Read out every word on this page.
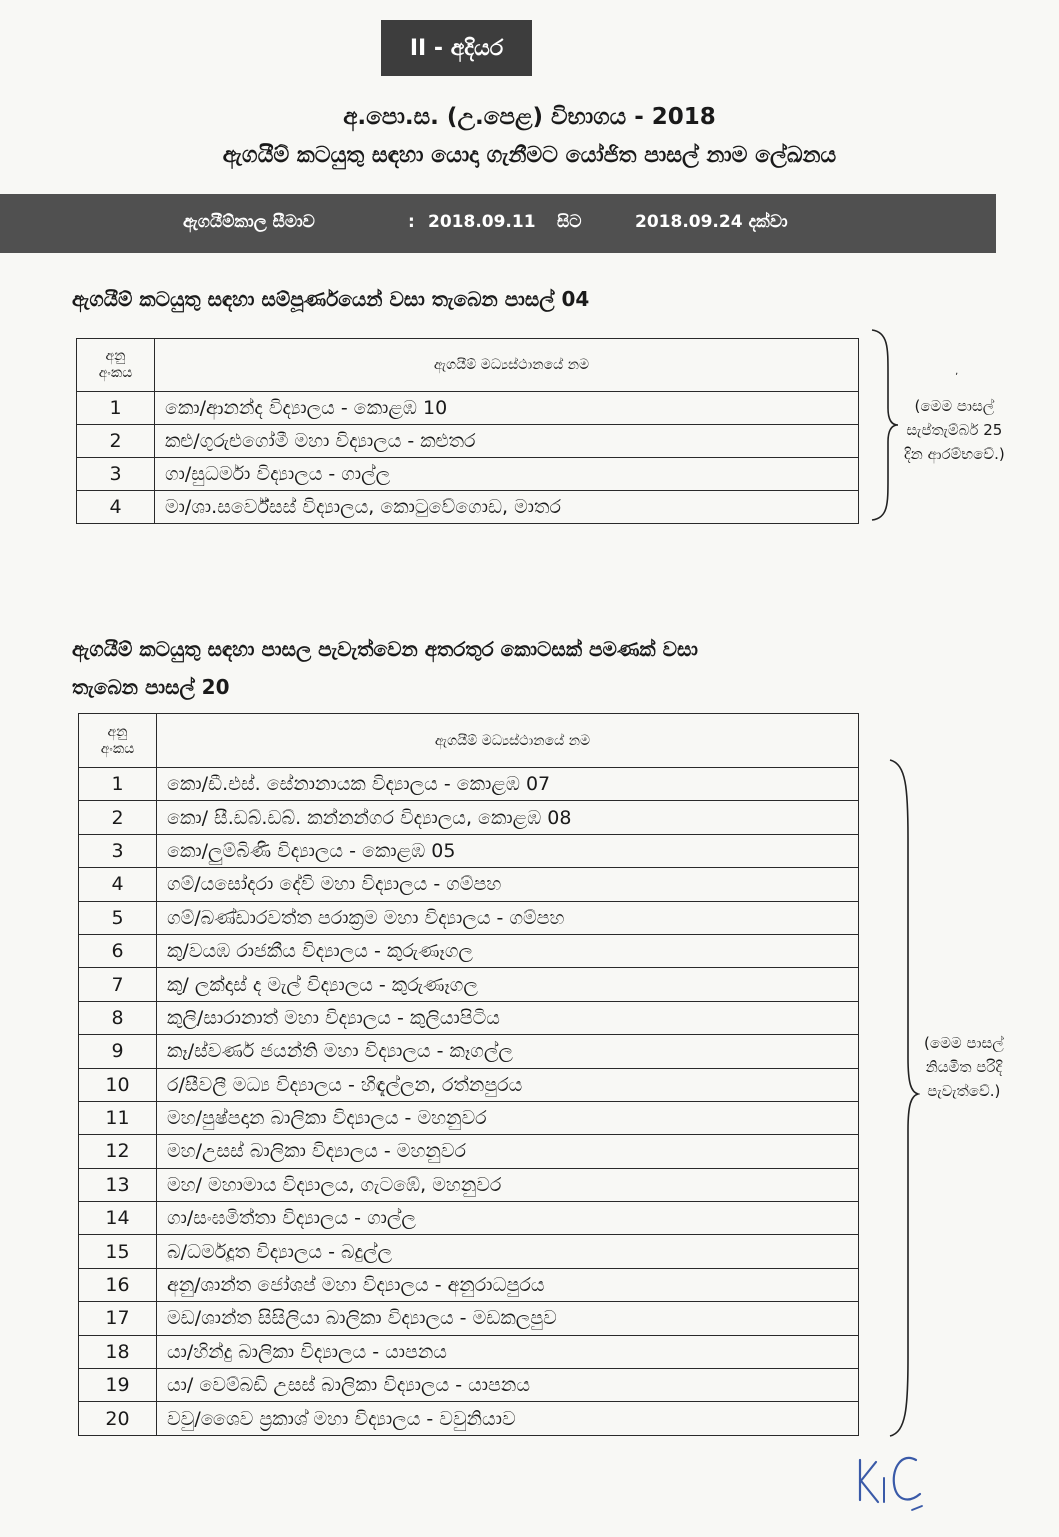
II - අදියර
අ.පො.ස. (උ.පෙළ) විභාගය - 2018
ඇගයීම් කටයුතු සඳහා යොදා ගැනීමට යෝජිත පාසල් නාම ලේඛනය
ඇගයීම්කාල සීමාව	: 2018.09.11 සිට	2018.09.24 දක්වා
ඇගයීම් කටයුතු සඳහා සම්පූර්ණයෙන් වසා තැබෙන පාසල් 04
අනු
අංකය	ඇගයීම් මධ්‍යස්ථානයේ නම
1	කො/ආනන්ද විද්‍යාලය - කොළඹ 10
2	කළු/ගුරුළුගෝමී මහා විද්‍යාලය - කළුතර
3	ගා/සුධර්මා විද්‍යාලය - ගාල්ල
4	මා/ශා.සර්වේසස් විද්‍යාලය, කොටුවේගොඩ, මාතර
ʼ
(මෙම පාසල්
සැප්තැම්බර් 25
දින ආරම්භවේ.)
ඇගයීම් කටයුතු සඳහා පාසල පැවැත්වෙන අතරතුර කොටසක් පමණක් වසා
තැබෙන පාසල් 20
අනු
අංකය	ඇගයීම් මධ්‍යස්ථානයේ නම
1	කො/ඩී.එස්. සේනානායක විද්‍යාලය - කොළඹ 07
2	කො/ සී.ඩබ්.ඩබ්. කන්නන්ගර විද්‍යාලය, කොළඹ 08
3	කො/ලුම්බිණි විද්‍යාලය - කොළඹ 05
4	ගම්/යසෝදරා දේවි මහා විද්‍යාලය - ගම්පහ
5	ගම්/බණ්ඩාරවත්ත පරාක්‍රම මහා විද්‍යාලය - ගම්පහ
6	කු/වයඹ රාජකීය විද්‍යාලය - කුරුණෑගල
7	කු/ ලක්දාස් ද මැල් විද්‍යාලය - කුරුණෑගල
8	කුලි/සාරානාත් මහා විද්‍යාලය - කුලියාපිටිය
9	කෑ/ස්වර්ණ ජයන්ති මහා විද්‍යාලය - කෑගල්ල
10	ර/සීවලී මධ්‍ය විද්‍යාලය - හිඳැල්ලන, රත්නපුරය
11	මහ/පුෂ්පදාන බාලිකා විද්‍යාලය - මහනුවර
12	මහ/උසස් බාලිකා විද්‍යාලය - මහනුවර
13	මහ/ මහාමාය විද්‍යාලය, ගැටඹේ, මහනුවර
14	ගා/සංඝමිත්තා විද්‍යාලය - ගාල්ල
15	බ/ධර්මදූත විද්‍යාලය - බදුල්ල
16	අනු/ශාන්ත ජෝශප් මහා විද්‍යාලය - අනුරාධපුරය
17	මඩ/ශාන්ත සිසිලියා බාලිකා විද්‍යාලය - මඩකලපුව
18	යා/හින්දු බාලිකා විද්‍යාලය - යාපනය
19	යා/ වෙම්බඩි උසස් බාලිකා විද්‍යාලය - යාපනය
20	වවු/ශෛව ප්‍රකාශ් මහා විද්‍යාලය - වවුනියාව
(මෙම පාසල්
නියමිත පරිදි
පැවැත්වේ.)
